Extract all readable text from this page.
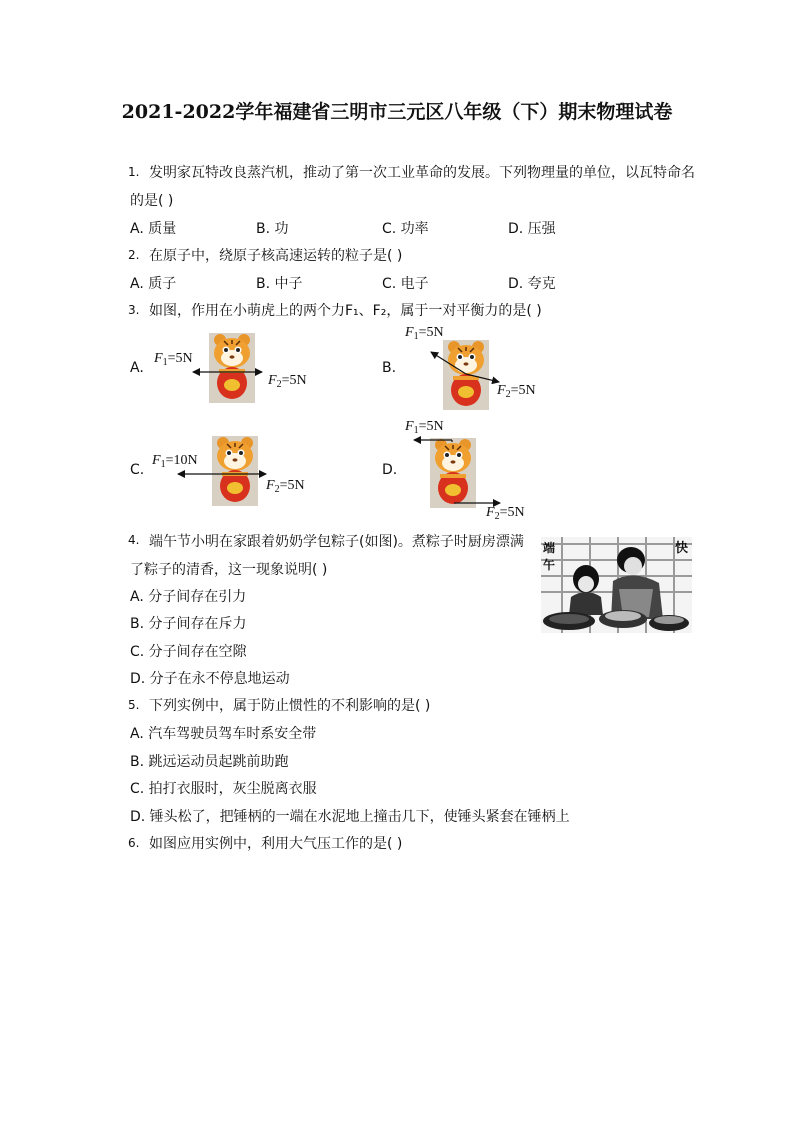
2021-2022学年福建省三明市三元区八年级（下）期末物理试卷
1. 发明家瓦特改良蒸汽机，推动了第一次工业革命的发展。下列物理量的单位，以瓦特命名
的是( )
A. 质量	B. 功	C. 功率	D. 压强
2. 在原子中，绕原子核高速运转的粒子是( )
A. 质子	B. 中子	C. 电子	D. 夸克
3. 如图，作用在小萌虎上的两个力F₁、F₂，属于一对平衡力的是( )
A.
$F_1=5N$
$F_2=5N$
B.
$F_1=5N$
$F_2=5N$
C.
$F_1=10N$
$F_2=5N$
D.
$F_1=5N$
$F_2=5N$
4. 端午节小明在家跟着奶奶学包粽子(如图)。煮粽子时厨房漂满
了粽子的清香，这一现象说明( )
A. 分子间存在引力
B. 分子间存在斥力
C. 分子间存在空隙
D. 分子在永不停息地运动
端
午
快
5. 下列实例中，属于防止惯性的不利影响的是( )
A. 汽车驾驶员驾车时系安全带
B. 跳远运动员起跳前助跑
C. 拍打衣服时，灰尘脱离衣服
D. 锤头松了，把锤柄的一端在水泥地上撞击几下，使锤头紧套在锤柄上
6. 如图应用实例中，利用大气压工作的是( )
